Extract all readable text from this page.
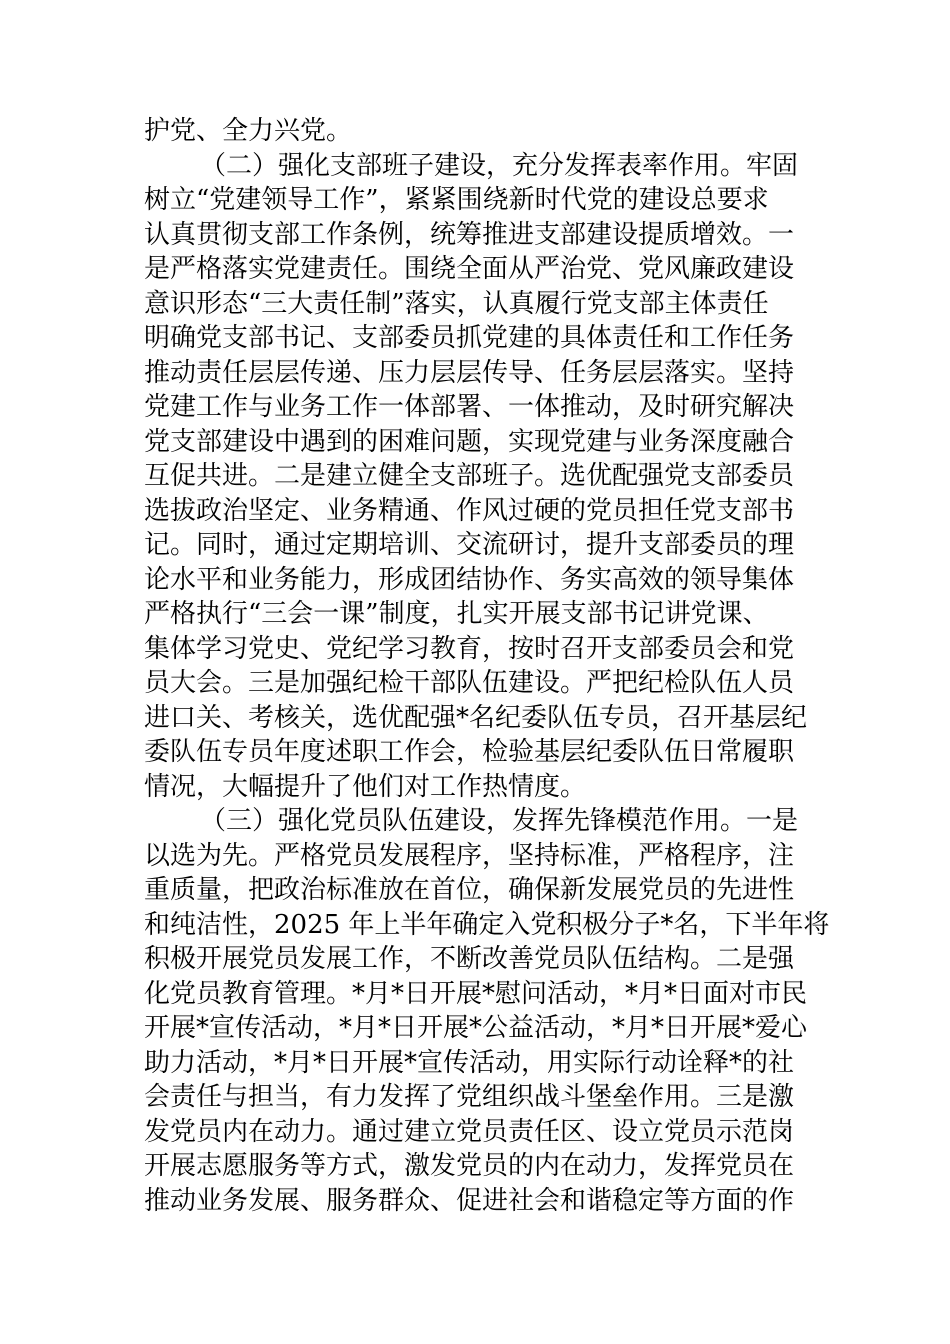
护党、全力兴党。
（二）强化支部班子建设，充分发挥表率作用。牢固
树立“党建领导工作”，紧紧围绕新时代党的建设总要求
认真贯彻支部工作条例，统筹推进支部建设提质增效。一
是严格落实党建责任。围绕全面从严治党、党风廉政建设
意识形态“三大责任制”落实，认真履行党支部主体责任
明确党支部书记、支部委员抓党建的具体责任和工作任务
推动责任层层传递、压力层层传导、任务层层落实。坚持
党建工作与业务工作一体部署、一体推动，及时研究解决
党支部建设中遇到的困难问题，实现党建与业务深度融合
互促共进。二是建立健全支部班子。选优配强党支部委员
选拔政治坚定、业务精通、作风过硬的党员担任党支部书
记。同时，通过定期培训、交流研讨，提升支部委员的理
论水平和业务能力，形成团结协作、务实高效的领导集体
严格执行“三会一课”制度，扎实开展支部书记讲党课、
集体学习党史、党纪学习教育，按时召开支部委员会和党
员大会。三是加强纪检干部队伍建设。严把纪检队伍人员
进口关、考核关，选优配强*名纪委队伍专员，召开基层纪
委队伍专员年度述职工作会，检验基层纪委队伍日常履职
情况，大幅提升了他们对工作热情度。
（三）强化党员队伍建设，发挥先锋模范作用。一是
以选为先。严格党员发展程序，坚持标准，严格程序，注
重质量，把政治标准放在首位，确保新发展党员的先进性
和纯洁性，2025 年上半年确定入党积极分子*名，下半年将
积极开展党员发展工作，不断改善党员队伍结构。二是强
化党员教育管理。*月*日开展*慰问活动，*月*日面对市民
开展*宣传活动，*月*日开展*公益活动，*月*日开展*爱心
助力活动，*月*日开展*宣传活动，用实际行动诠释*的社
会责任与担当，有力发挥了党组织战斗堡垒作用。三是激
发党员内在动力。通过建立党员责任区、设立党员示范岗
开展志愿服务等方式，激发党员的内在动力，发挥党员在
推动业务发展、服务群众、促进社会和谐稳定等方面的作
